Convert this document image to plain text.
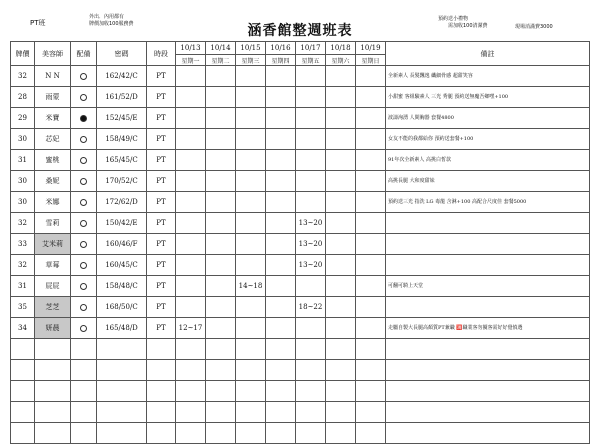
PT班
外出．內用都有
牌價加收100服務費	涵香館整週班表
預約送小禮物
需加收100清潔費	現場消滿費3000
牌價	美容師	配備	密碼	時段	10/13	10/14	10/15	10/16	10/17	10/18	10/19	備註
					星期一	星期二	星期三	星期四	星期五	星期六	星期日	
32	N N		162/42/C	PT								全新素人 長髮飄逸 纖細骨感 超甜笑容
28	雨蒙		161/52/D	PT								小甜蜜 客組驗素人 三光 秀腿 預約送無魔吾鄉嘿+100
29	米寶		152/45/E	PT								波濤洶湧 人間胸器 套餐4800
30	芯妃		158/49/C	PT								女友不能的我都給你 預約送套餐+100
31	蜜桃		165/45/C	PT								91年次全新素人 高挑白皙款
30	桑妮		170/52/C	PT								高挑長腿 大和度甜妹
30	米娜		172/62/D	PT								預約送三光 指洗 LG 毒龍 含淋+100 高配合尺度佳 套餐5000
32	雪莉		150/42/E	PT					13~20			
33	艾米莉		160/46/F	PT					13~20			
32	草莓		160/45/C	PT					13~20			
31	屁屁		158/48/C	PT			14~18					可翻可騎上天堂
35	芝芝		168/50/C	PT					18~22			
34	妍晨		165/48/D	PT	12~17							走屬自製大長腿高顏質PT兼職 🈵職業客勿擾客需好好覺慎選
